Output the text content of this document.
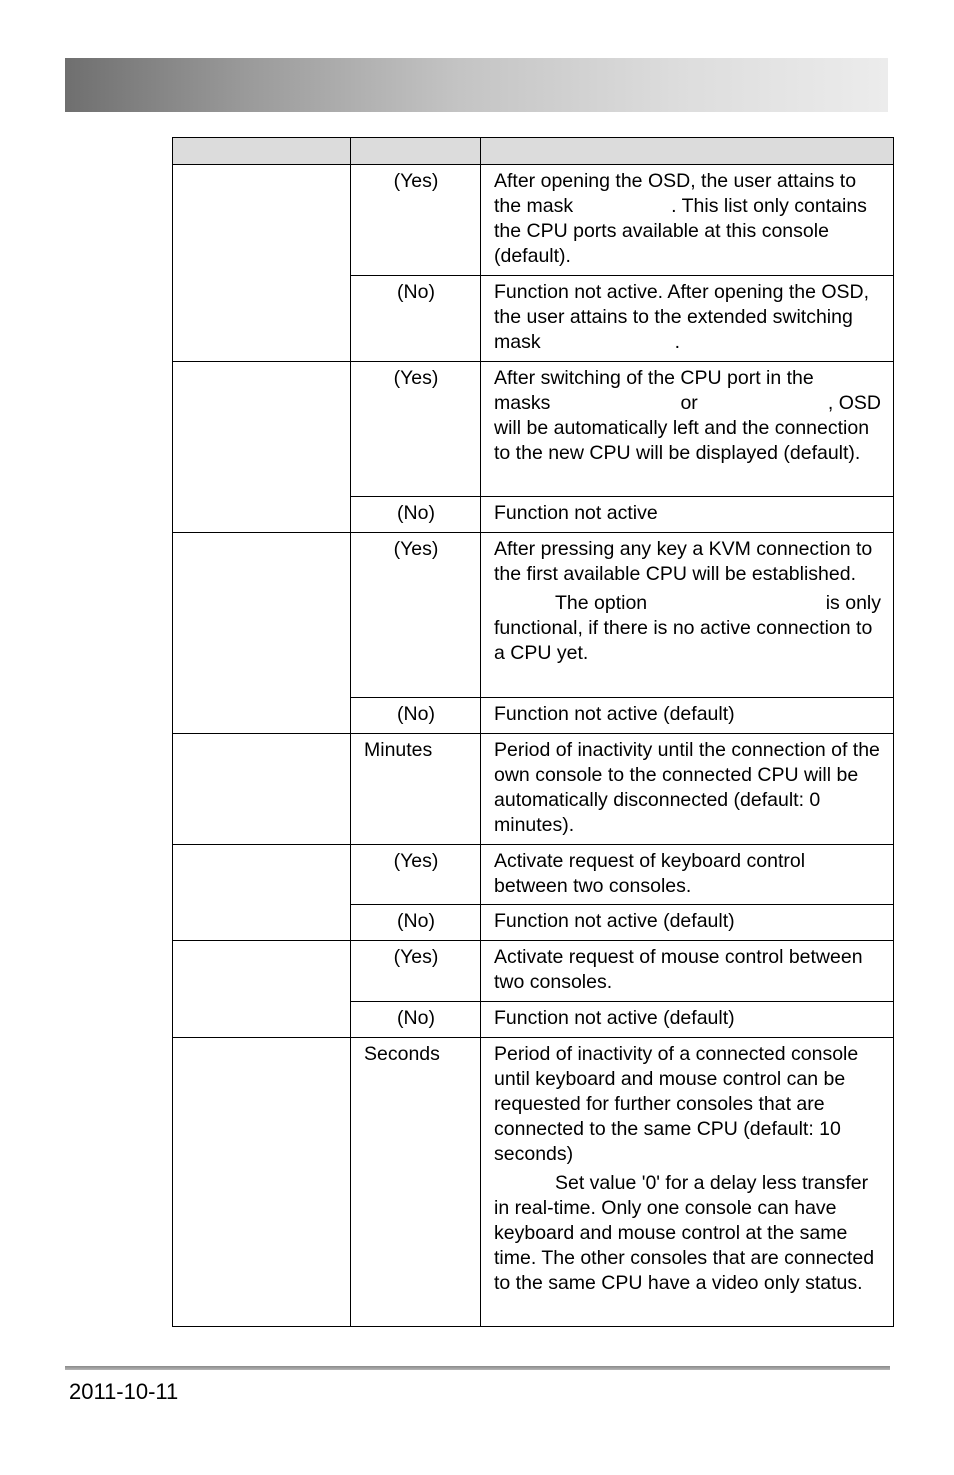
	(Yes)	After opening the OSD, the user attains to the mask . This list only contains the CPU ports available at this console (default).
	(No)	Function not active. After opening the OSD, the user attains to the extended switching mask .
	(Yes)	After switching of the CPU port in the

masks or , OSD

will be automatically left and the connection to the new CPU will be displayed (default).

	(No)	Function not active
	(Yes)	After pressing any key a KVM connection to the first available CPU will be established.

The option is only

functional, if there is no active connection to a CPU yet.

	(No)	Function not active (default)
	Minutes	Period of inactivity until the connection of the own console to the connected CPU will be automatically disconnected (default: 0 minutes).
	(Yes)	Activate request of keyboard control between two consoles.
	(No)	Function not active (default)
	(Yes)	Activate request of mouse control between two consoles.
	(No)	Function not active (default)
	Seconds	Period of inactivity of a connected console until keyboard and mouse control can be requested for further consoles that are connected to the same CPU (default: 10 seconds)

Set value '0' for a delay less transfer in real-time. Only one console can have keyboard and mouse control at the same time. The other consoles that are connected to the same CPU have a video only status.

2011-10-11
